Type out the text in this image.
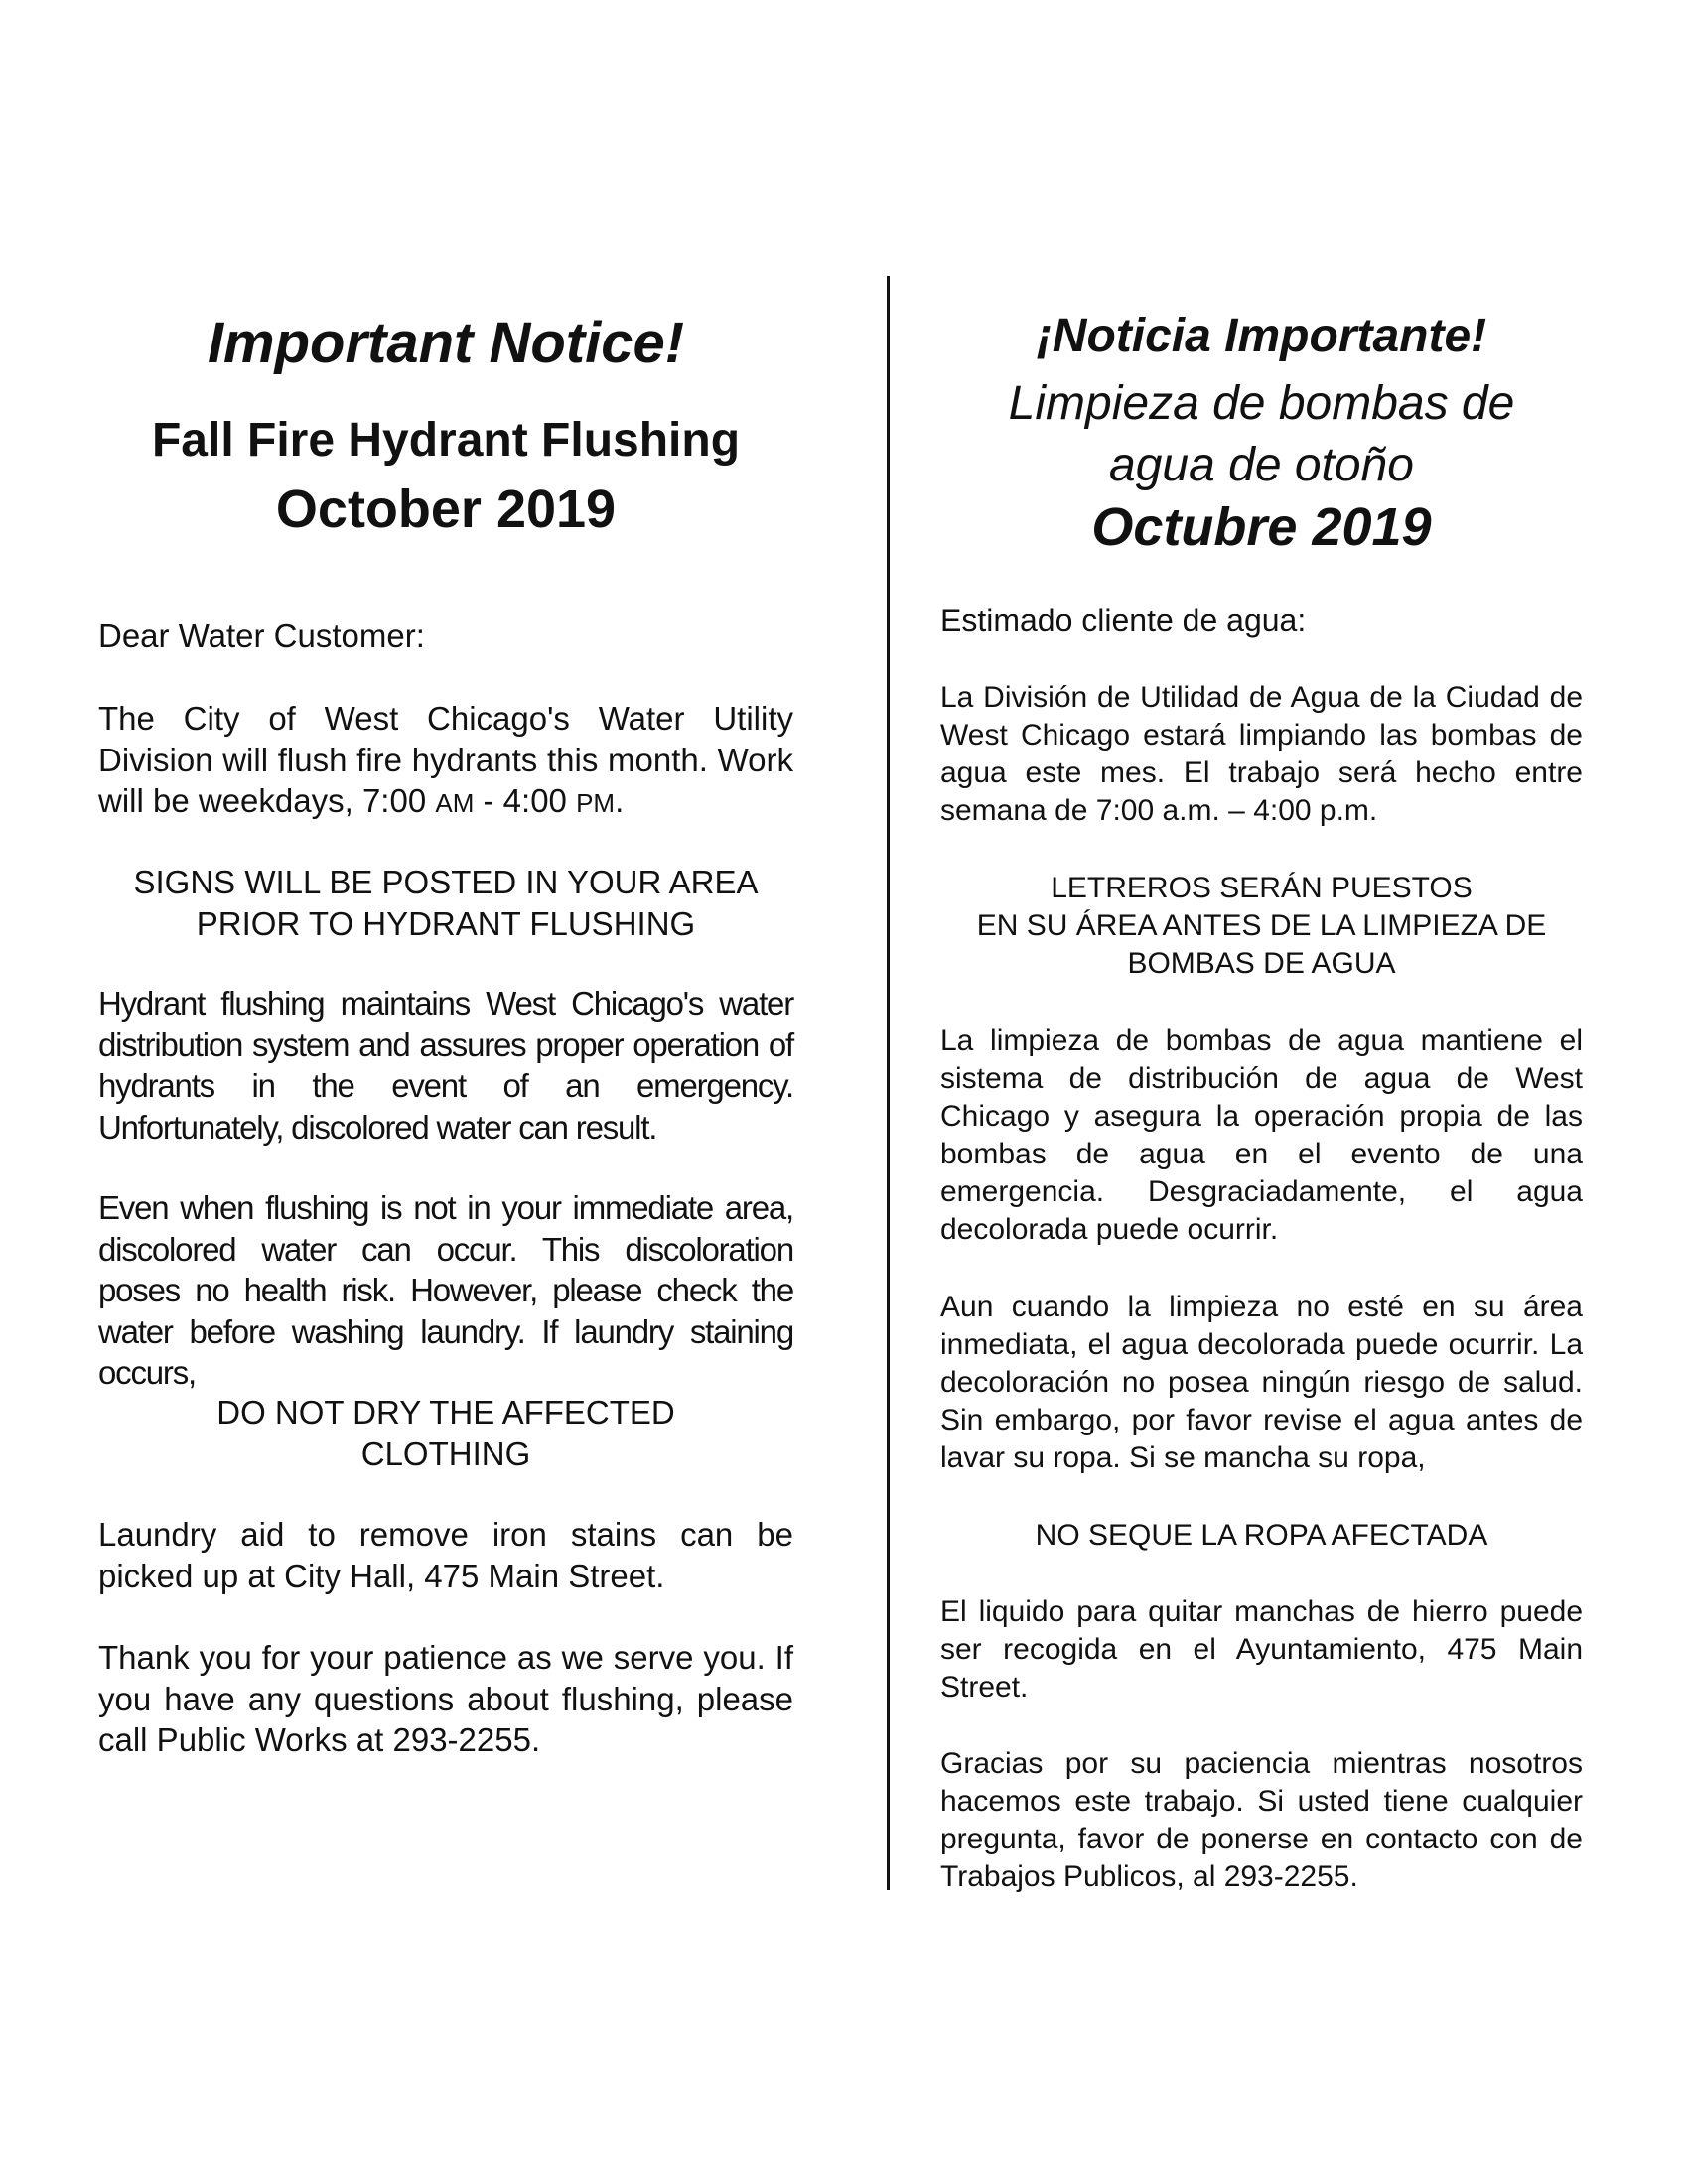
Important Notice!
Fall Fire Hydrant Flushing
October 2019

Dear Water Customer:

The City of West Chicago's Water Utility Division will flush fire hydrants this month. Work will be weekdays, 7:00 AM - 4:00 PM.

SIGNS WILL BE POSTED IN YOUR AREA
PRIOR TO HYDRANT FLUSHING

Hydrant flushing maintains West Chicago's water distribution system and assures proper operation of hydrants in the event of an emergency. Unfortunately, discolored water can result.

Even when flushing is not in your immediate area, discolored water can occur. This discoloration poses no health risk. However, please check the water before washing laundry. If laundry staining occurs,

DO NOT DRY THE AFFECTED
CLOTHING

Laundry aid to remove iron stains can be picked up at City Hall, 475 Main Street.

Thank you for your patience as we serve you. If you have any questions about flushing, please call Public Works at 293-2255.

¡Noticia Importante!
Limpieza de bombas de
agua de otoño
Octubre 2019

Estimado cliente de agua:

La División de Utilidad de Agua de la Ciudad de West Chicago estará limpiando las bombas de agua este mes. El trabajo será hecho entre semana de 7:00 a.m. – 4:00 p.m.

LETREROS SERÁN PUESTOS
EN SU ÁREA ANTES DE LA LIMPIEZA DE
BOMBAS DE AGUA

La limpieza de bombas de agua mantiene el sistema de distribución de agua de West Chicago y asegura la operación propia de las bombas de agua en el evento de una emergencia. Desgraciadamente, el agua decolorada puede ocurrir.

Aun cuando la limpieza no esté en su área inmediata, el agua decolorada puede ocurrir. La decoloración no posea ningún riesgo de salud. Sin embargo, por favor revise el agua antes de lavar su ropa. Si se mancha su ropa,

NO SEQUE LA ROPA AFECTADA

El liquido para quitar manchas de hierro puede ser recogida en el Ayuntamiento, 475 Main Street.

Gracias por su paciencia mientras nosotros hacemos este trabajo. Si usted tiene cualquier pregunta, favor de ponerse en contacto con de Trabajos Publicos, al 293-2255.
